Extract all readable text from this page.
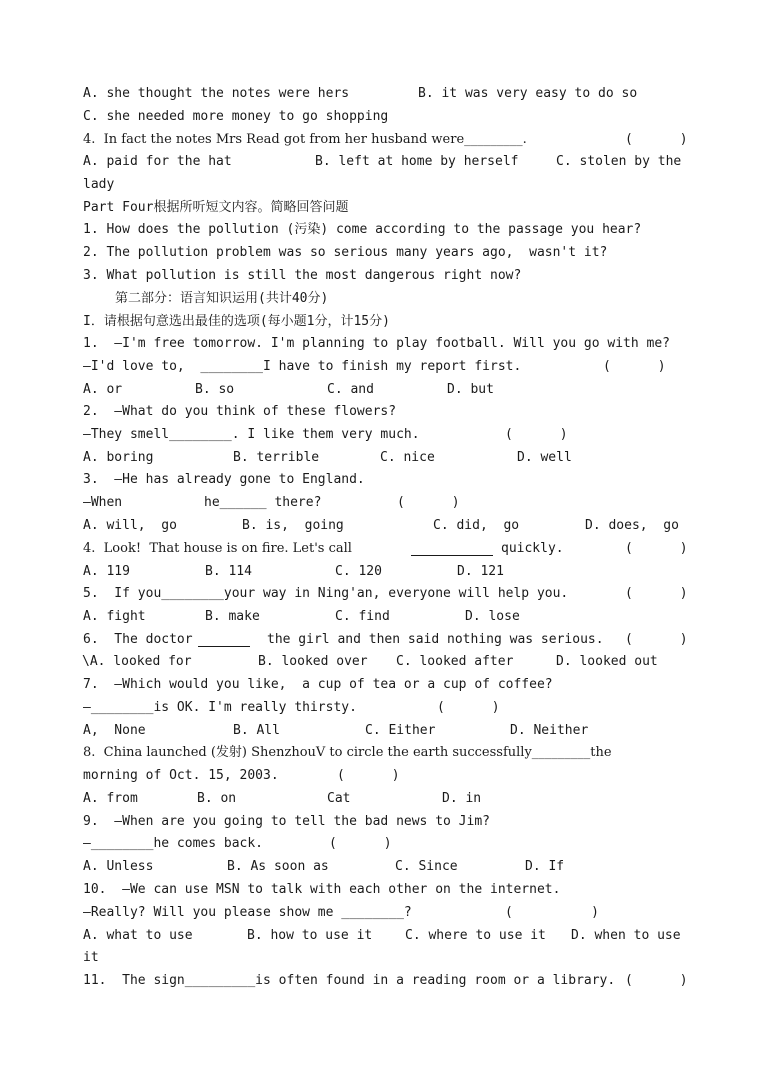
A. she thought the notes were hers

	B. it was very easy to do so

C. she needed more money to go shopping

4.  In fact the notes Mrs Read got from her husband were_________.

	(      )

A. paid for the hat

	B. left at home by herself

	C. stolen by the

lady
Part Four根据所听短文内容。简略回答问题
1. How does the pollution (污染) come according to the passage you hear?
2. The pollution problem was so serious many years ago,  wasn't it?
3. What pollution is still the most dangerous right now?
第二部分：语言知识运用(共计40分)
I．请根据句意选出最佳的选项(每小题1分，计15分)
1.  —I'm free tomorrow. I'm planning to play football. Will you go with me?

—I'd love to,  ________I have to finish my report first.

	(      )

A. or

	B. so

	C. and

	D. but

2.  —What do you think of these flowers?

—They smell________. I like them very much.

	(      )

A. boring

	B. terrible

	C. nice

	D. well

3.  —He has already gone to England.

—When

	he______ there?

	(      )

A. will,  go

	B. is,  going

	C. did,  go

	D. does,  go

4.  Look!  That house is on fire. Let's call

	quickly.

	(      )

A. 119

	B. 114

	C. 120

	D. 121

5.  If you________your way in Ning'an, everyone will help you.

	(      )

A. fight

	B. make

	C. find

	D. lose

6.  The doctor

	the girl and then said nothing was serious.

(      )

\A. looked for

	B. looked over

C. looked after

	D. looked out

7.  —Which would you like,  a cup of tea or a cup of coffee?

—________is OK. I'm really thirsty.

	(      )

A,  None

	B. All

	C. Either

	D. Neither

8.  China launched (发射) ShenzhouV to circle the earth successfully_________the

morning of Oct. 15, 2003.

	(      )

A. from

	B. on

	Cat

	D. in

9.  —When are you going to tell the bad news to Jim?

—________he comes back.

	(      )

A. Unless

	B. As soon as

	C. Since

	D. If

10.  —We can use MSN to talk with each other on the internet.

—Really? Will you please show me ________?

	(          )

A. what to use

	B. how to use it

	C. where to use it

D. when to use

it

11.  The sign_________is often found in a reading room or a library.

(      )
